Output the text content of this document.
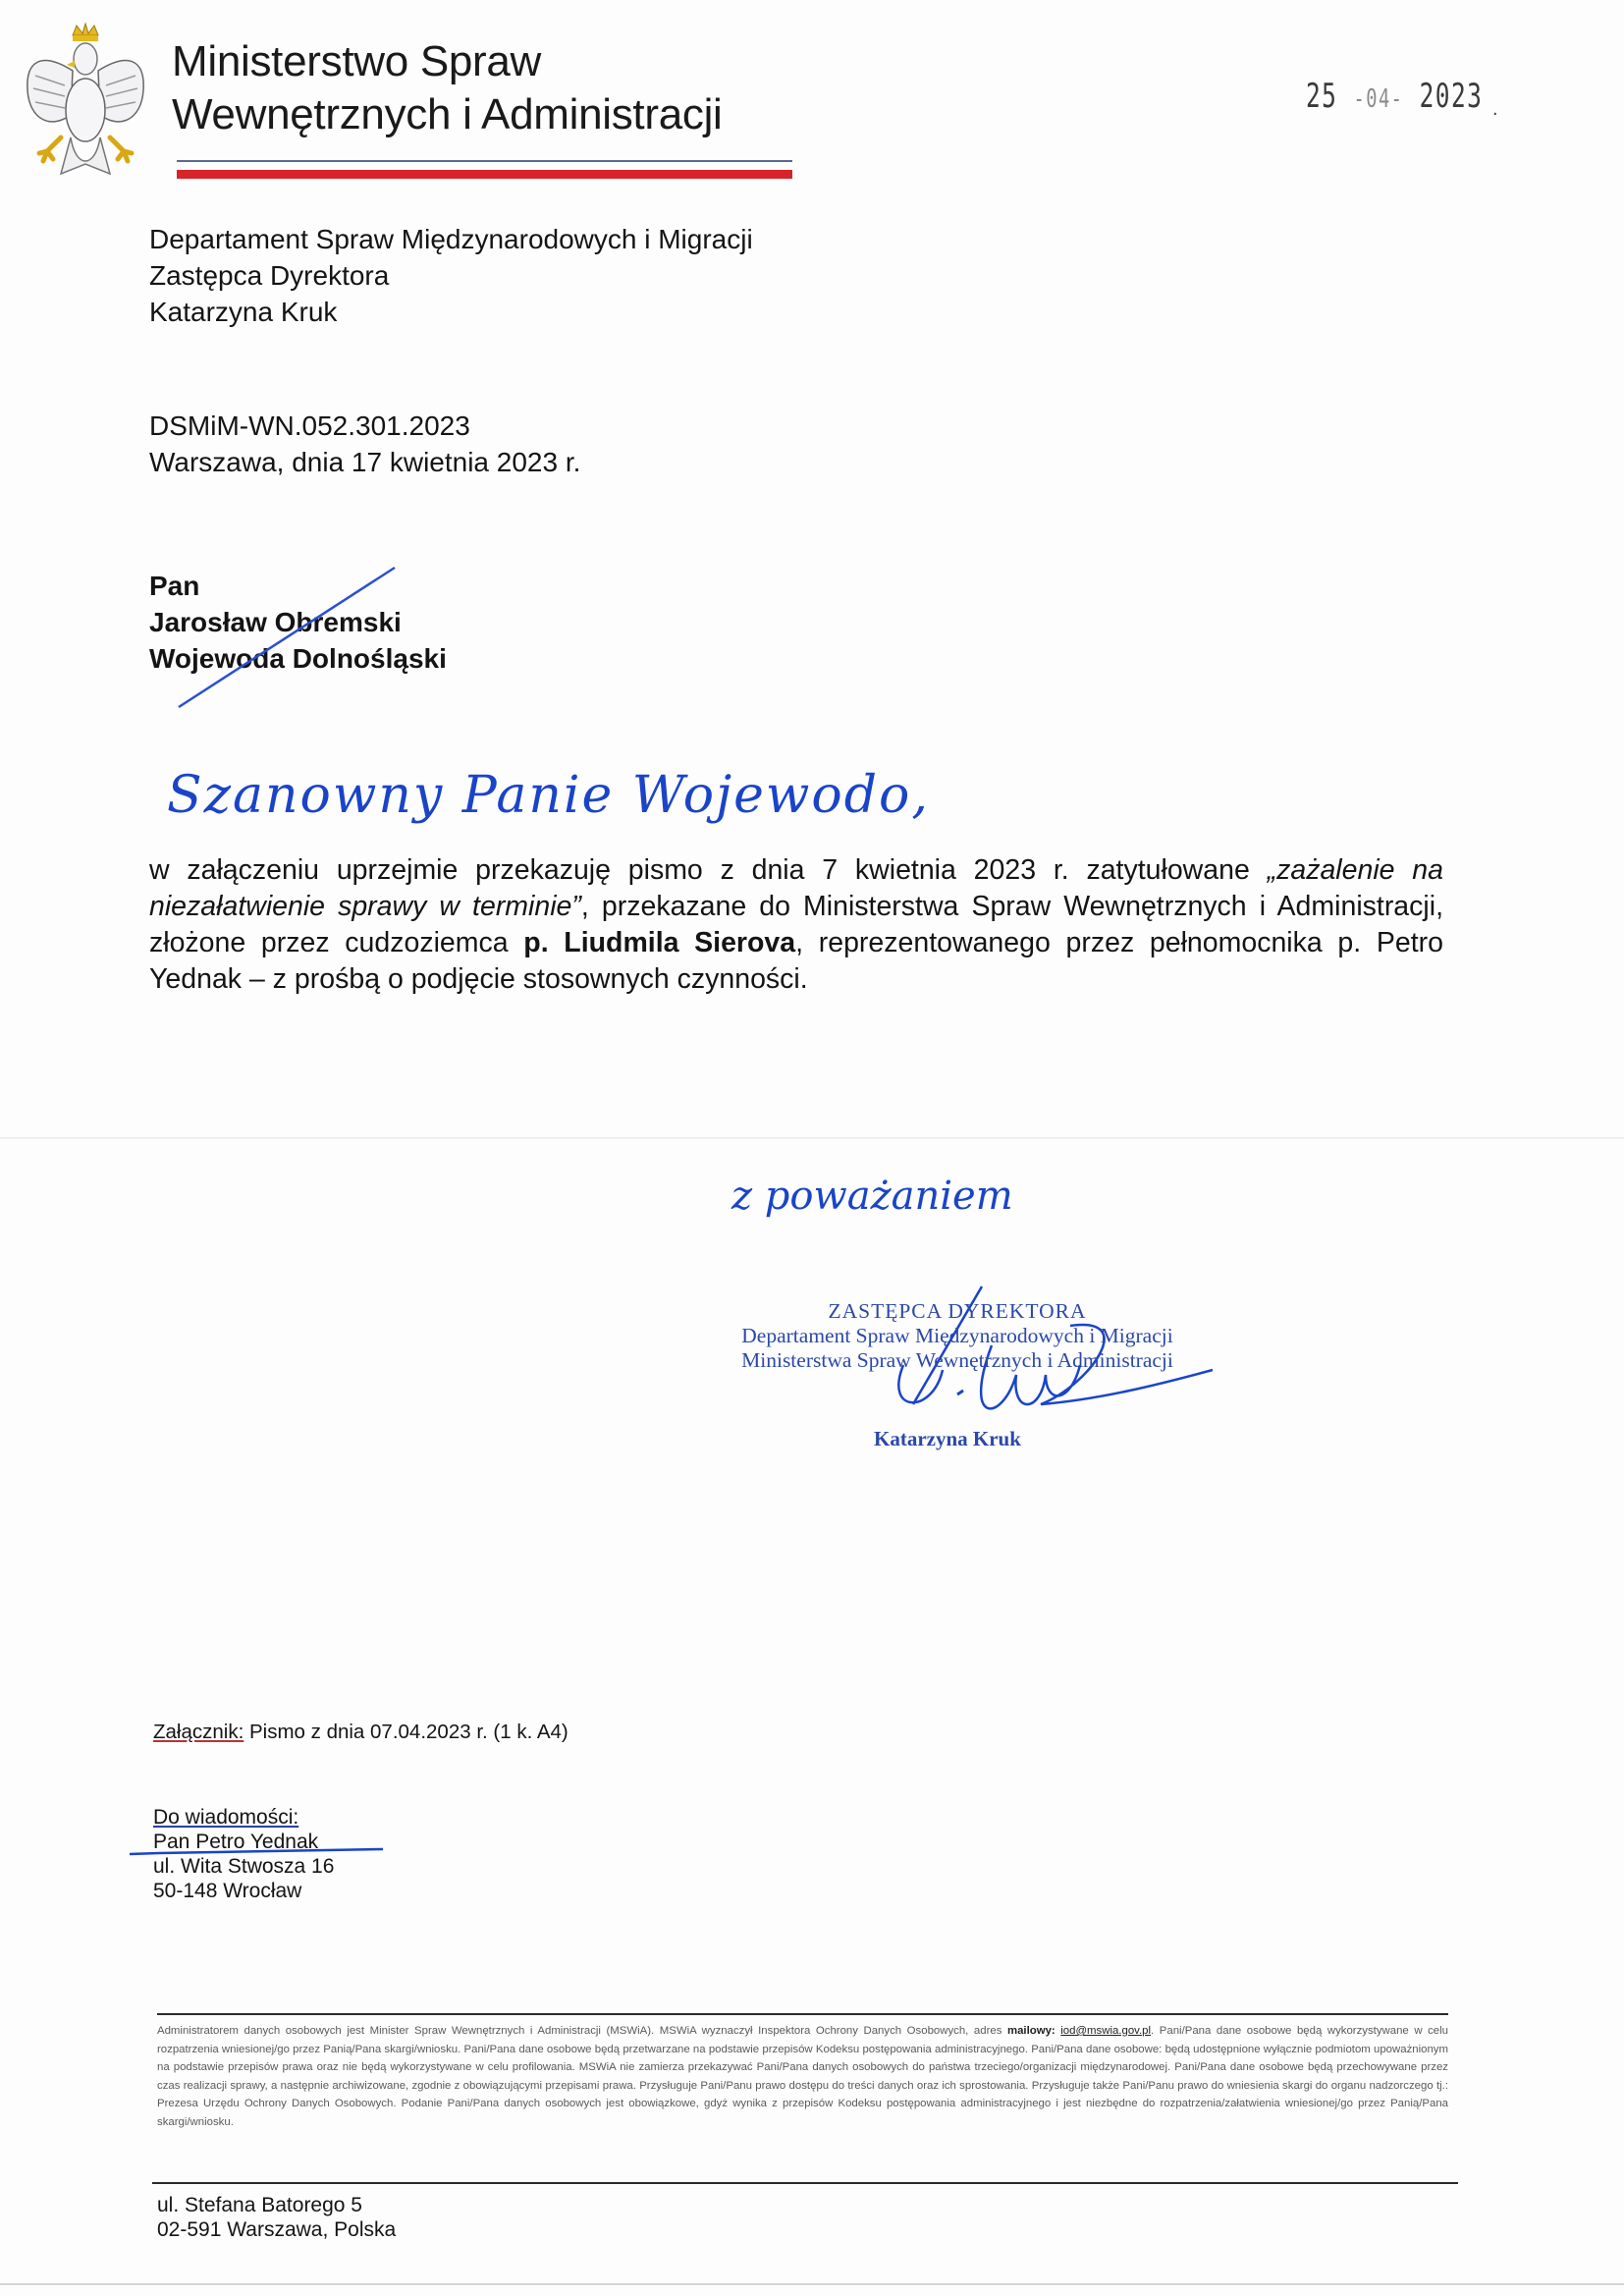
Ministerstwo Spraw
Wewnętrznych i Administracji	25 -04- 2023 .
Departament Spraw Międzynarodowych i Migracji
Zastępca Dyrektora
Katarzyna Kruk
DSMiM-WN.052.301.2023
Warszawa, dnia 17 kwietnia 2023 r.
Pan
Jarosław Obremski
Wojewoda Dolnośląski
Szanowny Panie Wojewodo,
w załączeniu uprzejmie przekazuję pismo z dnia 7 kwietnia 2023 r. zatytułowane „zażalenie na niezałatwienie sprawy w terminie”, przekazane do Ministerstwa Spraw Wewnętrznych i Administracji, złożone przez cudzoziemca p. Liudmila Sierova, reprezentowanego przez pełnomocnika p. Petro Yednak – z prośbą o podjęcie stosownych czynności.
z poważaniem
ZASTĘPCA DYREKTORA
Departament Spraw Międzynarodowych i Migracji
Ministerstwa Spraw Wewnętrznych i Administracji
Katarzyna Kruk
Załącznik: Pismo z dnia 07.04.2023 r. (1 k. A4)
Do wiadomości:
Pan Petro Yednak
ul. Wita Stwosza 16
50-148 Wrocław
Administratorem danych osobowych jest Minister Spraw Wewnętrznych i Administracji (MSWiA). MSWiA wyznaczył Inspektora Ochrony Danych Osobowych, adres mailowy: iod@mswia.gov.pl. Pani/Pana dane osobowe będą wykorzystywane w celu rozpatrzenia wniesionej/go przez Panią/Pana skargi/wniosku. Pani/Pana dane osobowe będą przetwarzane na podstawie przepisów Kodeksu postępowania administracyjnego. Pani/Pana dane osobowe: będą udostępnione wyłącznie podmiotom upoważnionym na podstawie przepisów prawa oraz nie będą wykorzystywane w celu profilowania. MSWiA nie zamierza przekazywać Pani/Pana danych osobowych do państwa trzeciego/organizacji międzynarodowej. Pani/Pana dane osobowe będą przechowywane przez czas realizacji sprawy, a następnie archiwizowane, zgodnie z obowiązującymi przepisami prawa. Przysługuje Pani/Panu prawo dostępu do treści danych oraz ich sprostowania. Przysługuje także Pani/Panu prawo do wniesienia skargi do organu nadzorczego tj.: Prezesa Urzędu Ochrony Danych Osobowych. Podanie Pani/Pana danych osobowych jest obowiązkowe, gdyż wynika z przepisów Kodeksu postępowania administracyjnego i jest niezbędne do rozpatrzenia/załatwienia wniesionej/go przez Panią/Pana skargi/wniosku.
ul. Stefana Batorego 5
02-591 Warszawa, Polska
